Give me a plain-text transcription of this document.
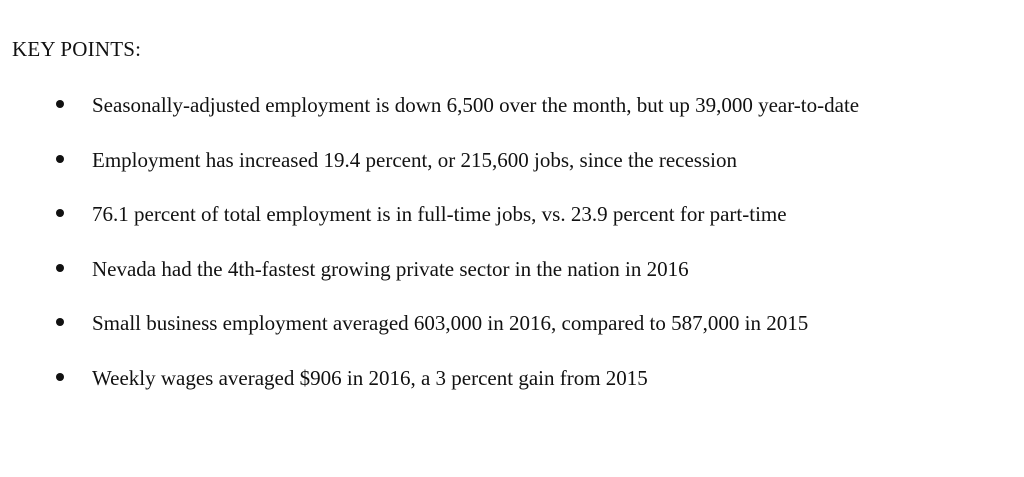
KEY POINTS:
Seasonally-adjusted employment is down 6,500 over the month, but up 39,000 year-to-date
Employment has increased 19.4 percent, or 215,600 jobs, since the recession
76.1 percent of total employment is in full-time jobs, vs. 23.9 percent for part-time
Nevada had the 4th-fastest growing private sector in the nation in 2016
Small business employment averaged 603,000 in 2016, compared to 587,000 in 2015
Weekly wages averaged $906 in 2016, a 3 percent gain from 2015
